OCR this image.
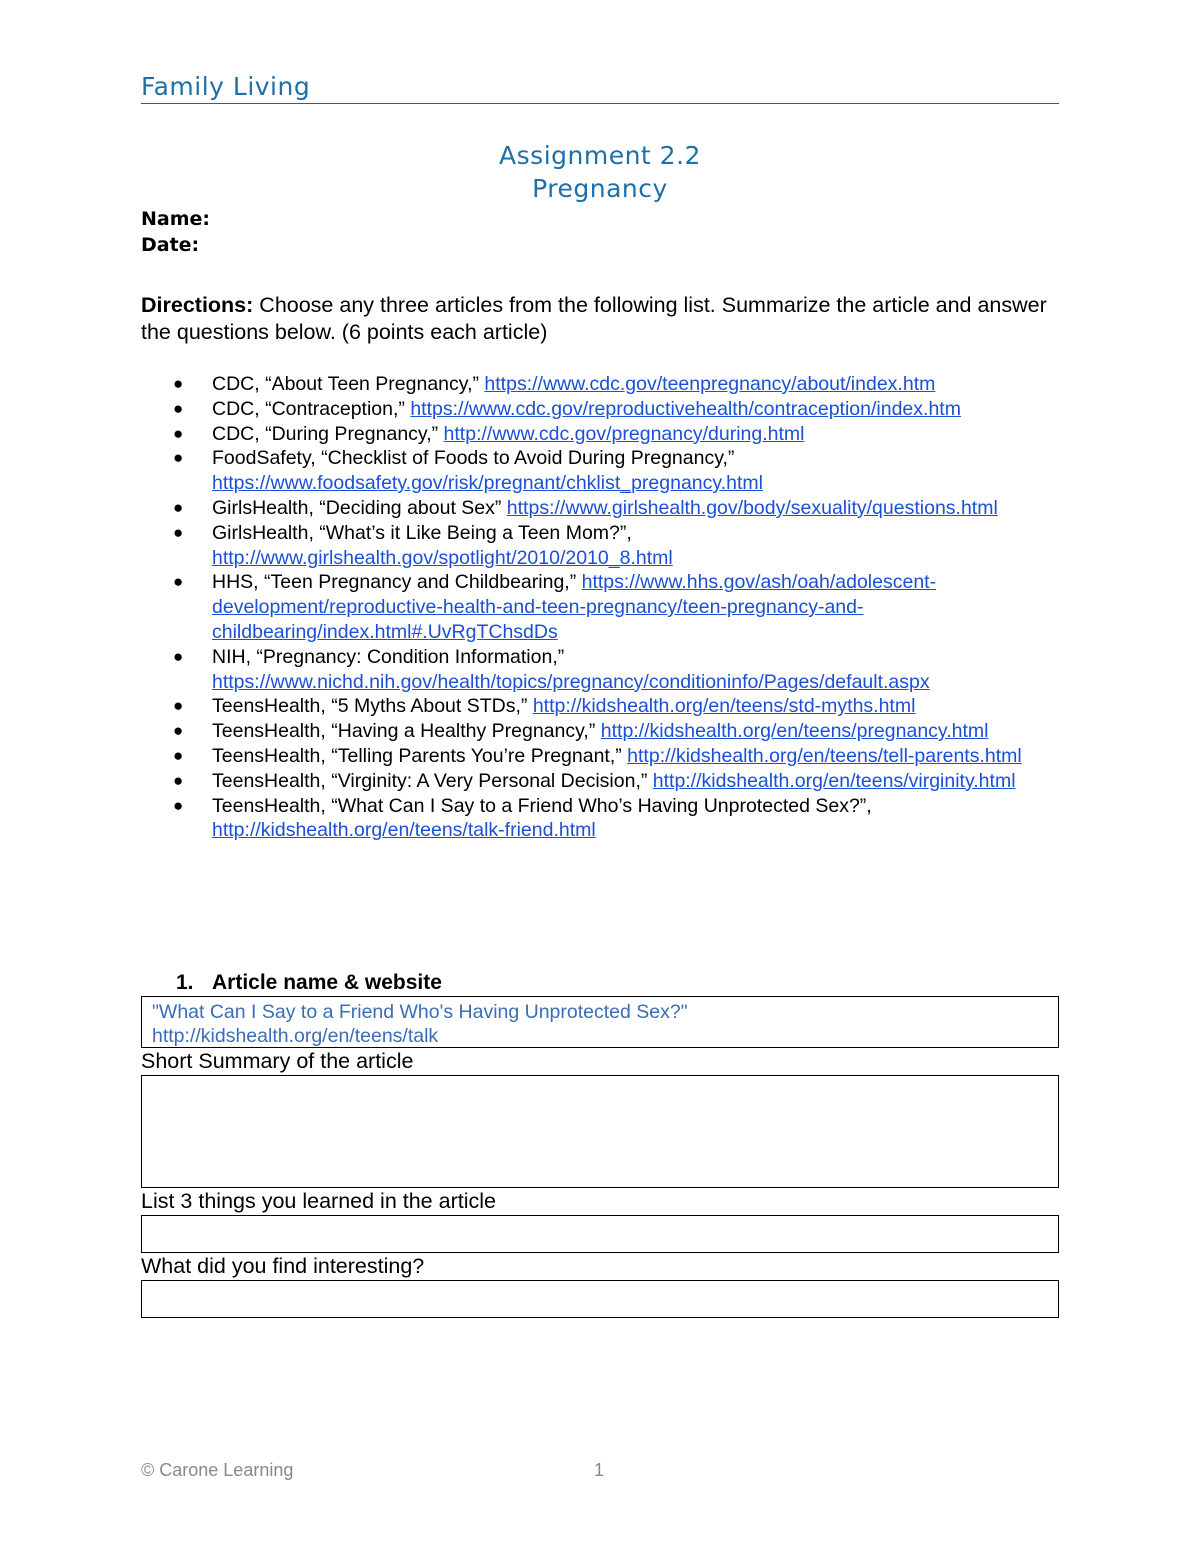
Family Living
Assignment 2.2
Pregnancy
Name:
Date:
Directions: Choose any three articles from the following list. Summarize the article and answer the questions below. (6 points each article)
● CDC, “About Teen Pregnancy,” https://www.cdc.gov/teenpregnancy/about/index.htm
● CDC, “Contraception,” https://www.cdc.gov/reproductivehealth/contraception/index.htm
● CDC, “During Pregnancy,” http://www.cdc.gov/pregnancy/during.html
● FoodSafety, “Checklist of Foods to Avoid During Pregnancy,” https://www.foodsafety.gov/risk/pregnant/chklist_pregnancy.html
● GirlsHealth, “Deciding about Sex” https://www.girlshealth.gov/body/sexuality/questions.html
● GirlsHealth, “What’s it Like Being a Teen Mom?”, http://www.girlshealth.gov/spotlight/2010/2010_8.html
● HHS, “Teen Pregnancy and Childbearing,” https://www.hhs.gov/ash/oah/adolescent-development/reproductive-health-and-teen-pregnancy/teen-pregnancy-and-childbearing/index.html#.UvRgTChsdDs
● NIH, “Pregnancy: Condition Information,” https://www.nichd.nih.gov/health/topics/pregnancy/conditioninfo/Pages/default.aspx
● TeensHealth, “5 Myths About STDs,” http://kidshealth.org/en/teens/std-myths.html
● TeensHealth, “Having a Healthy Pregnancy,” http://kidshealth.org/en/teens/pregnancy.html
● TeensHealth, “Telling Parents You’re Pregnant,” http://kidshealth.org/en/teens/tell-parents.html
● TeensHealth, “Virginity: A Very Personal Decision,” http://kidshealth.org/en/teens/virginity.html
● TeensHealth, “What Can I Say to a Friend Who’s Having Unprotected Sex?”, http://kidshealth.org/en/teens/talk-friend.html
1. Article name & website
"What Can I Say to a Friend Who's Having Unprotected Sex?"
http://kidshealth.org/en/teens/talk
Short Summary of the article
List 3 things you learned in the article
What did you find interesting?
© Carone Learning	1
